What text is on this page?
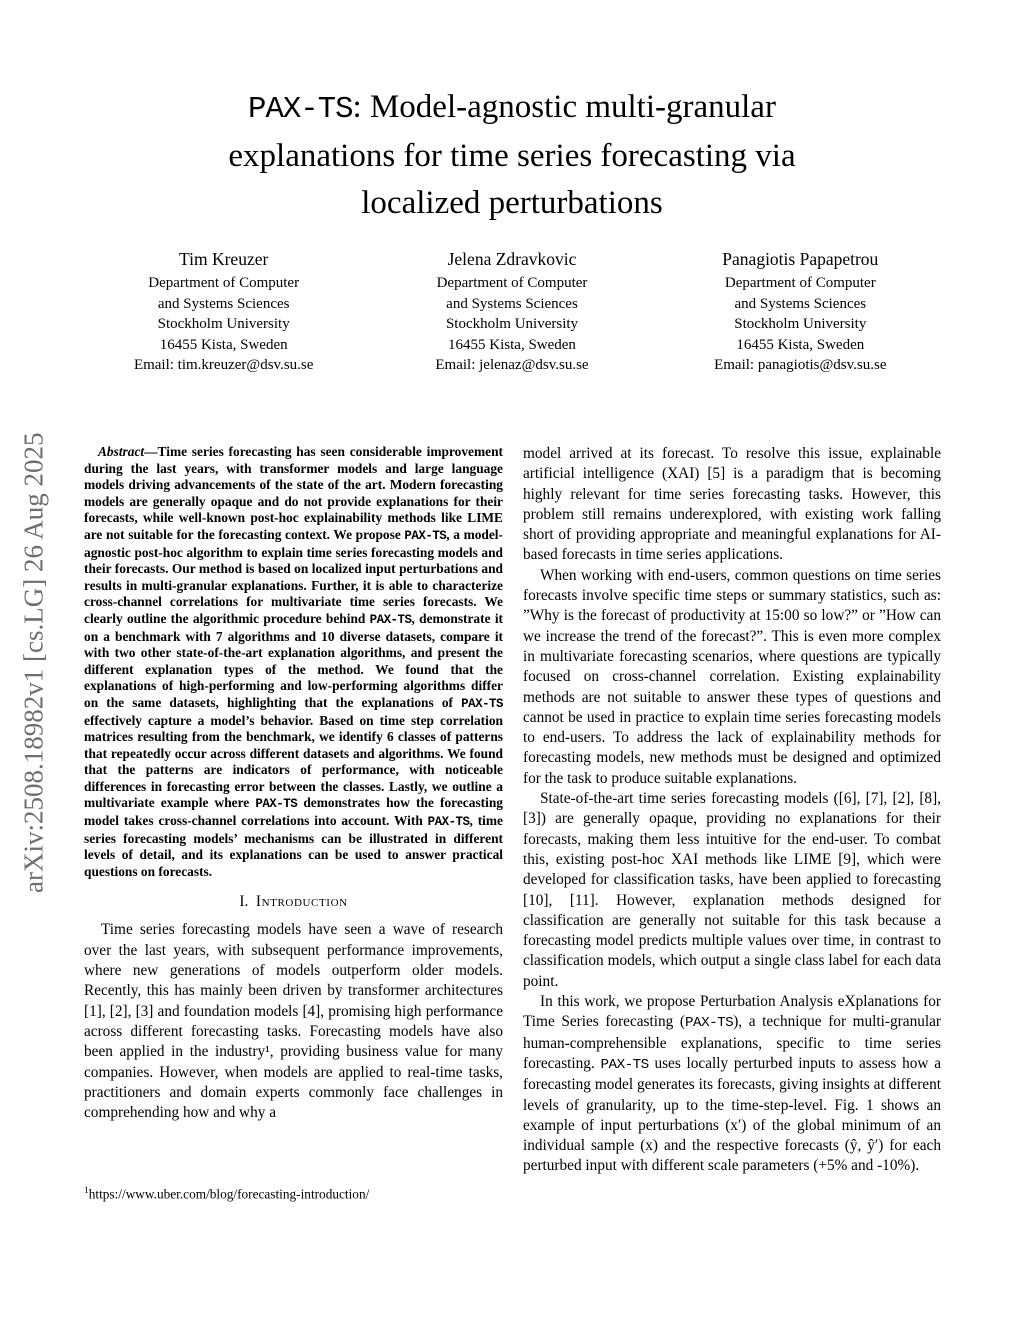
arXiv:2508.18982v1 [cs.LG] 26 Aug 2025
PAX-TS: Model-agnostic multi-granular
explanations for time series forecasting via
localized perturbations
Tim Kreuzer
Department of Computer
and Systems Sciences
Stockholm University
16455 Kista, Sweden
Email: tim.kreuzer@dsv.su.se
Jelena Zdravkovic
Department of Computer
and Systems Sciences
Stockholm University
16455 Kista, Sweden
Email: jelenaz@dsv.su.se
Panagiotis Papapetrou
Department of Computer
and Systems Sciences
Stockholm University
16455 Kista, Sweden
Email: panagiotis@dsv.su.se

Abstract—Time series forecasting has seen considerable improvement during the last years, with transformer models and large language models driving advancements of the state of the art. Modern forecasting models are generally opaque and do not provide explanations for their forecasts, while well-known post-hoc explainability methods like LIME are not suitable for the forecasting context. We propose PAX-TS, a model-agnostic post-hoc algorithm to explain time series forecasting models and their forecasts. Our method is based on localized input perturbations and results in multi-granular explanations. Further, it is able to characterize cross-channel correlations for multivariate time series forecasts. We clearly outline the algorithmic procedure behind PAX-TS, demonstrate it on a benchmark with 7 algorithms and 10 diverse datasets, compare it with two other state-of-the-art explanation algorithms, and present the different explanation types of the method. We found that the explanations of high-performing and low-performing algorithms differ on the same datasets, highlighting that the explanations of PAX-TS effectively capture a model’s behavior. Based on time step correlation matrices resulting from the benchmark, we identify 6 classes of patterns that repeatedly occur across different datasets and algorithms. We found that the patterns are indicators of performance, with noticeable differences in forecasting error between the classes. Lastly, we outline a multivariate example where PAX-TS demonstrates how the forecasting model takes cross-channel correlations into account. With PAX-TS, time series forecasting models’ mechanisms can be illustrated in different levels of detail, and its explanations can be used to answer practical questions on forecasts.

I. Introduction

Time series forecasting models have seen a wave of research over the last years, with subsequent performance improvements, where new generations of models outperform older models. Recently, this has mainly been driven by transformer architectures [1], [2], [3] and foundation models [4], promising high performance across different forecasting tasks. Forecasting models have also been applied in the industry¹, providing business value for many companies. However, when models are applied to real-time tasks, practitioners and domain experts commonly face challenges in comprehending how and why a

model arrived at its forecast. To resolve this issue, explainable artificial intelligence (XAI) [5] is a paradigm that is becoming highly relevant for time series forecasting tasks. However, this problem still remains underexplored, with existing work falling short of providing appropriate and meaningful explanations for AI-based forecasts in time series applications.

When working with end-users, common questions on time series forecasts involve specific time steps or summary statistics, such as: ”Why is the forecast of productivity at 15:00 so low?” or ”How can we increase the trend of the forecast?”. This is even more complex in multivariate forecasting scenarios, where questions are typically focused on cross-channel correlation. Existing explainability methods are not suitable to answer these types of questions and cannot be used in practice to explain time series forecasting models to end-users. To address the lack of explainability methods for forecasting models, new methods must be designed and optimized for the task to produce suitable explanations.

State-of-the-art time series forecasting models ([6], [7], [2], [8], [3]) are generally opaque, providing no explanations for their forecasts, making them less intuitive for the end-user. To combat this, existing post-hoc XAI methods like LIME [9], which were developed for classification tasks, have been applied to forecasting [10], [11]. However, explanation methods designed for classification are generally not suitable for this task because a forecasting model predicts multiple values over time, in contrast to classification models, which output a single class label for each data point.

In this work, we propose Perturbation Analysis eXplanations for Time Series forecasting (PAX-TS), a technique for multi-granular human-comprehensible explanations, specific to time series forecasting. PAX-TS uses locally perturbed inputs to assess how a forecasting model generates its forecasts, giving insights at different levels of granularity, up to the time-step-level. Fig. 1 shows an example of input perturbations (x′) of the global minimum of an individual sample (x) and the respective forecasts (ŷ, ŷ′) for each perturbed input with different scale parameters (+5% and -10%).

$^1$https://www.uber.com/blog/forecasting-introduction/
